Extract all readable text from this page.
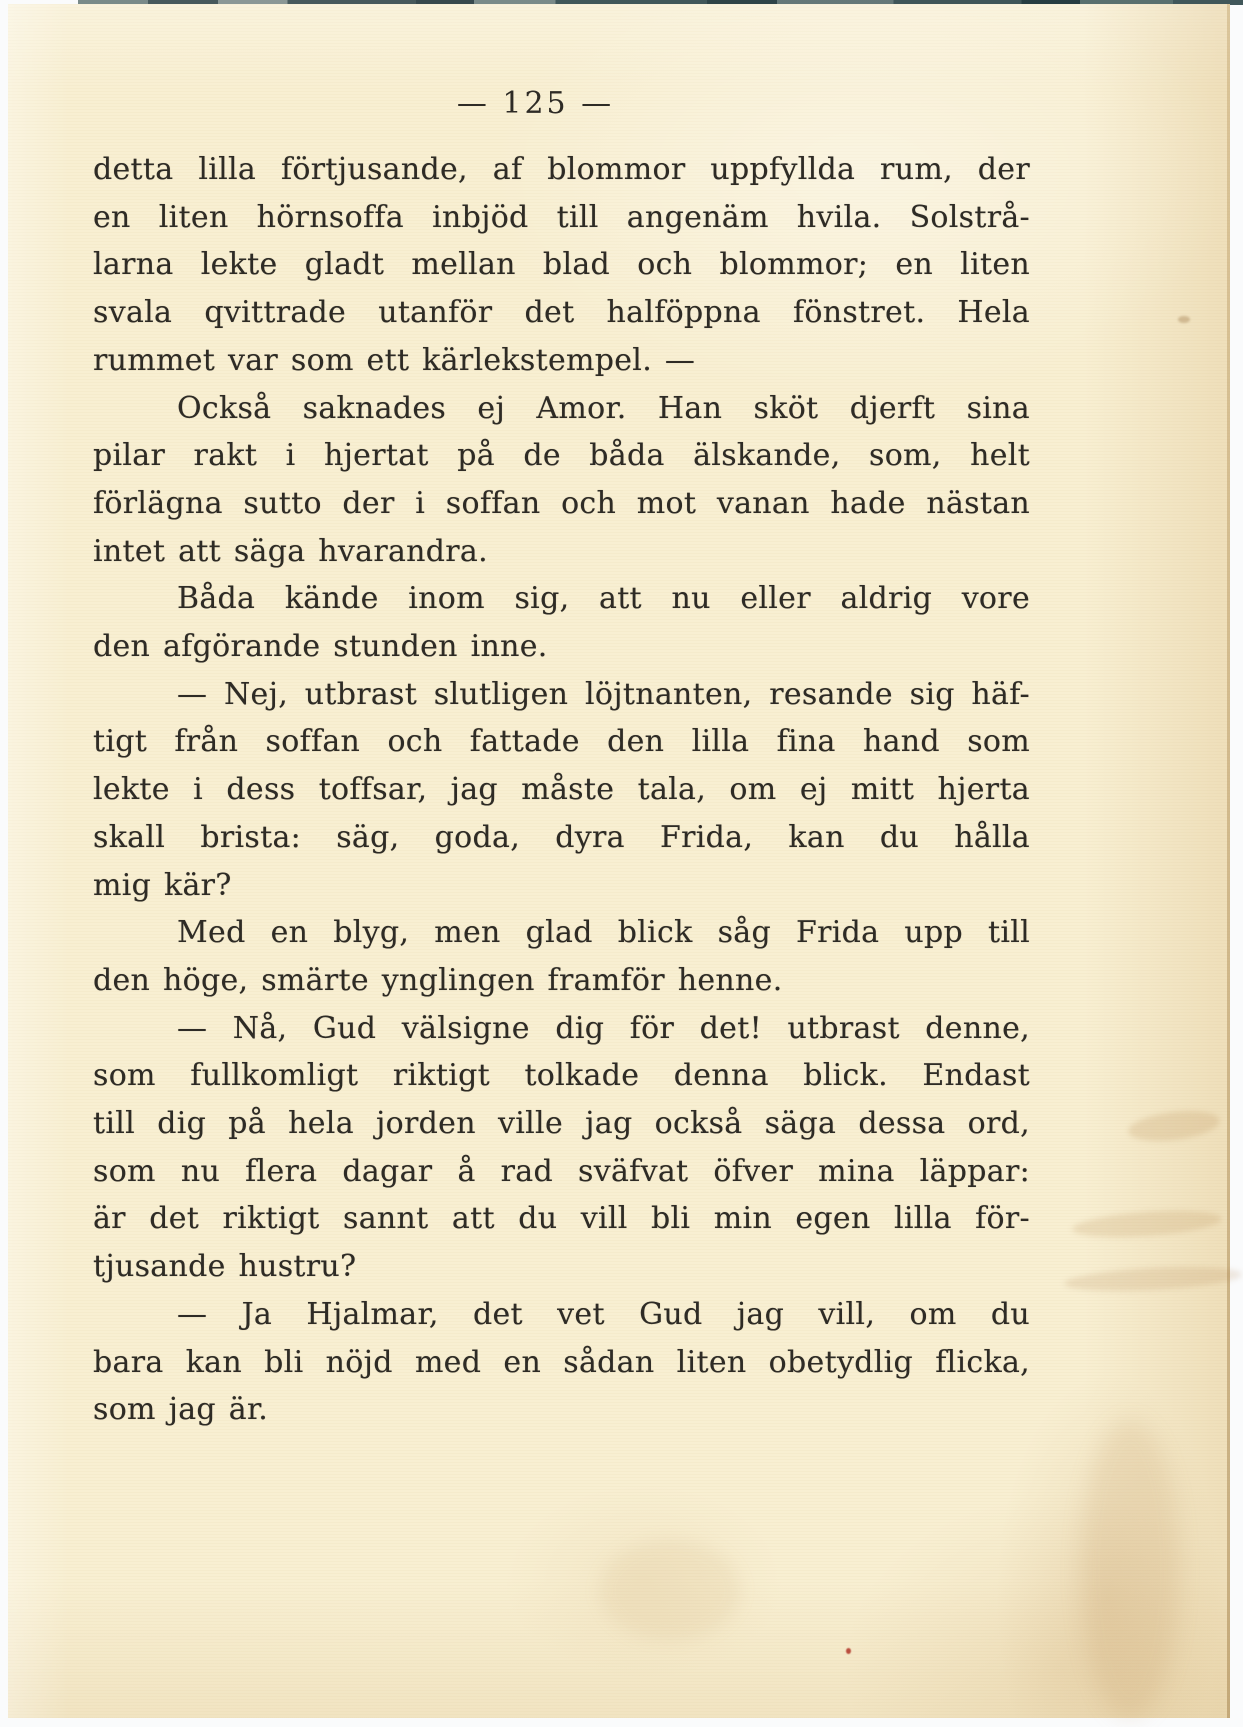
— 125 —
detta lilla förtjusande, af blommor uppfyllda rum, der
en liten hörnsoffa inbjöd till angenäm hvila. Solstrå-
larna lekte gladt mellan blad och blommor; en liten
svala qvittrade utanför det halföppna fönstret. Hela
rummet var som ett kärlekstempel. —
Också saknades ej Amor. Han sköt djerft sina
pilar rakt i hjertat på de båda älskande, som, helt
förlägna sutto der i soffan och mot vanan hade nästan
intet att säga hvarandra.
Båda kände inom sig, att nu eller aldrig vore
den afgörande stunden inne.
— Nej, utbrast slutligen löjtnanten, resande sig häf-
tigt från soffan och fattade den lilla fina hand som
lekte i dess toffsar, jag måste tala, om ej mitt hjerta
skall brista: säg, goda, dyra Frida, kan du hålla
mig kär?
Med en blyg, men glad blick såg Frida upp till
den höge, smärte ynglingen framför henne.
— Nå, Gud välsigne dig för det! utbrast denne,
som fullkomligt riktigt tolkade denna blick. Endast
till dig på hela jorden ville jag också säga dessa ord,
som nu flera dagar å rad sväfvat öfver mina läppar:
är det riktigt sannt att du vill bli min egen lilla för-
tjusande hustru?
— Ja Hjalmar, det vet Gud jag vill, om du
bara kan bli nöjd med en sådan liten obetydlig flicka,
som jag är.
